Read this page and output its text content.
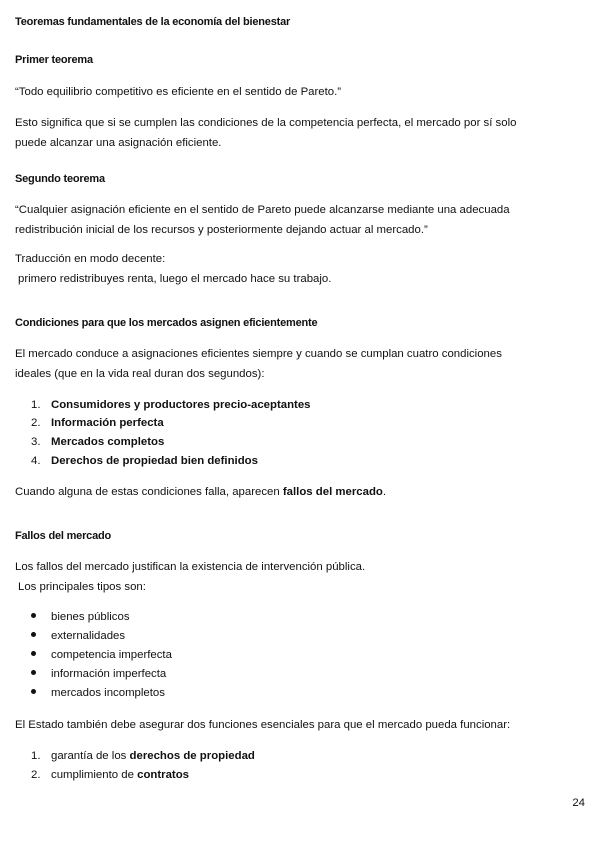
Teoremas fundamentales de la economía del bienestar
Primer teorema
“Todo equilibrio competitivo es eficiente en el sentido de Pareto.”
Esto significa que si se cumplen las condiciones de la competencia perfecta, el mercado por sí solo
puede alcanzar una asignación eficiente.
Segundo teorema
“Cualquier asignación eficiente en el sentido de Pareto puede alcanzarse mediante una adecuada
redistribución inicial de los recursos y posteriormente dejando actuar al mercado.”
Traducción en modo decente:
primero redistribuyes renta, luego el mercado hace su trabajo.
Condiciones para que los mercados asignen eficientemente
El mercado conduce a asignaciones eficientes siempre y cuando se cumplan cuatro condiciones
ideales (que en la vida real duran dos segundos):
1. Consumidores y productores precio-aceptantes
2. Información perfecta
3. Mercados completos
4. Derechos de propiedad bien definidos
Cuando alguna de estas condiciones falla, aparecen fallos del mercado.
Fallos del mercado
Los fallos del mercado justifican la existencia de intervención pública.
Los principales tipos son:
bienes públicos
externalidades
competencia imperfecta
información imperfecta
mercados incompletos
El Estado también debe asegurar dos funciones esenciales para que el mercado pueda funcionar:
1. garantía de los derechos de propiedad
2. cumplimiento de contratos
24
